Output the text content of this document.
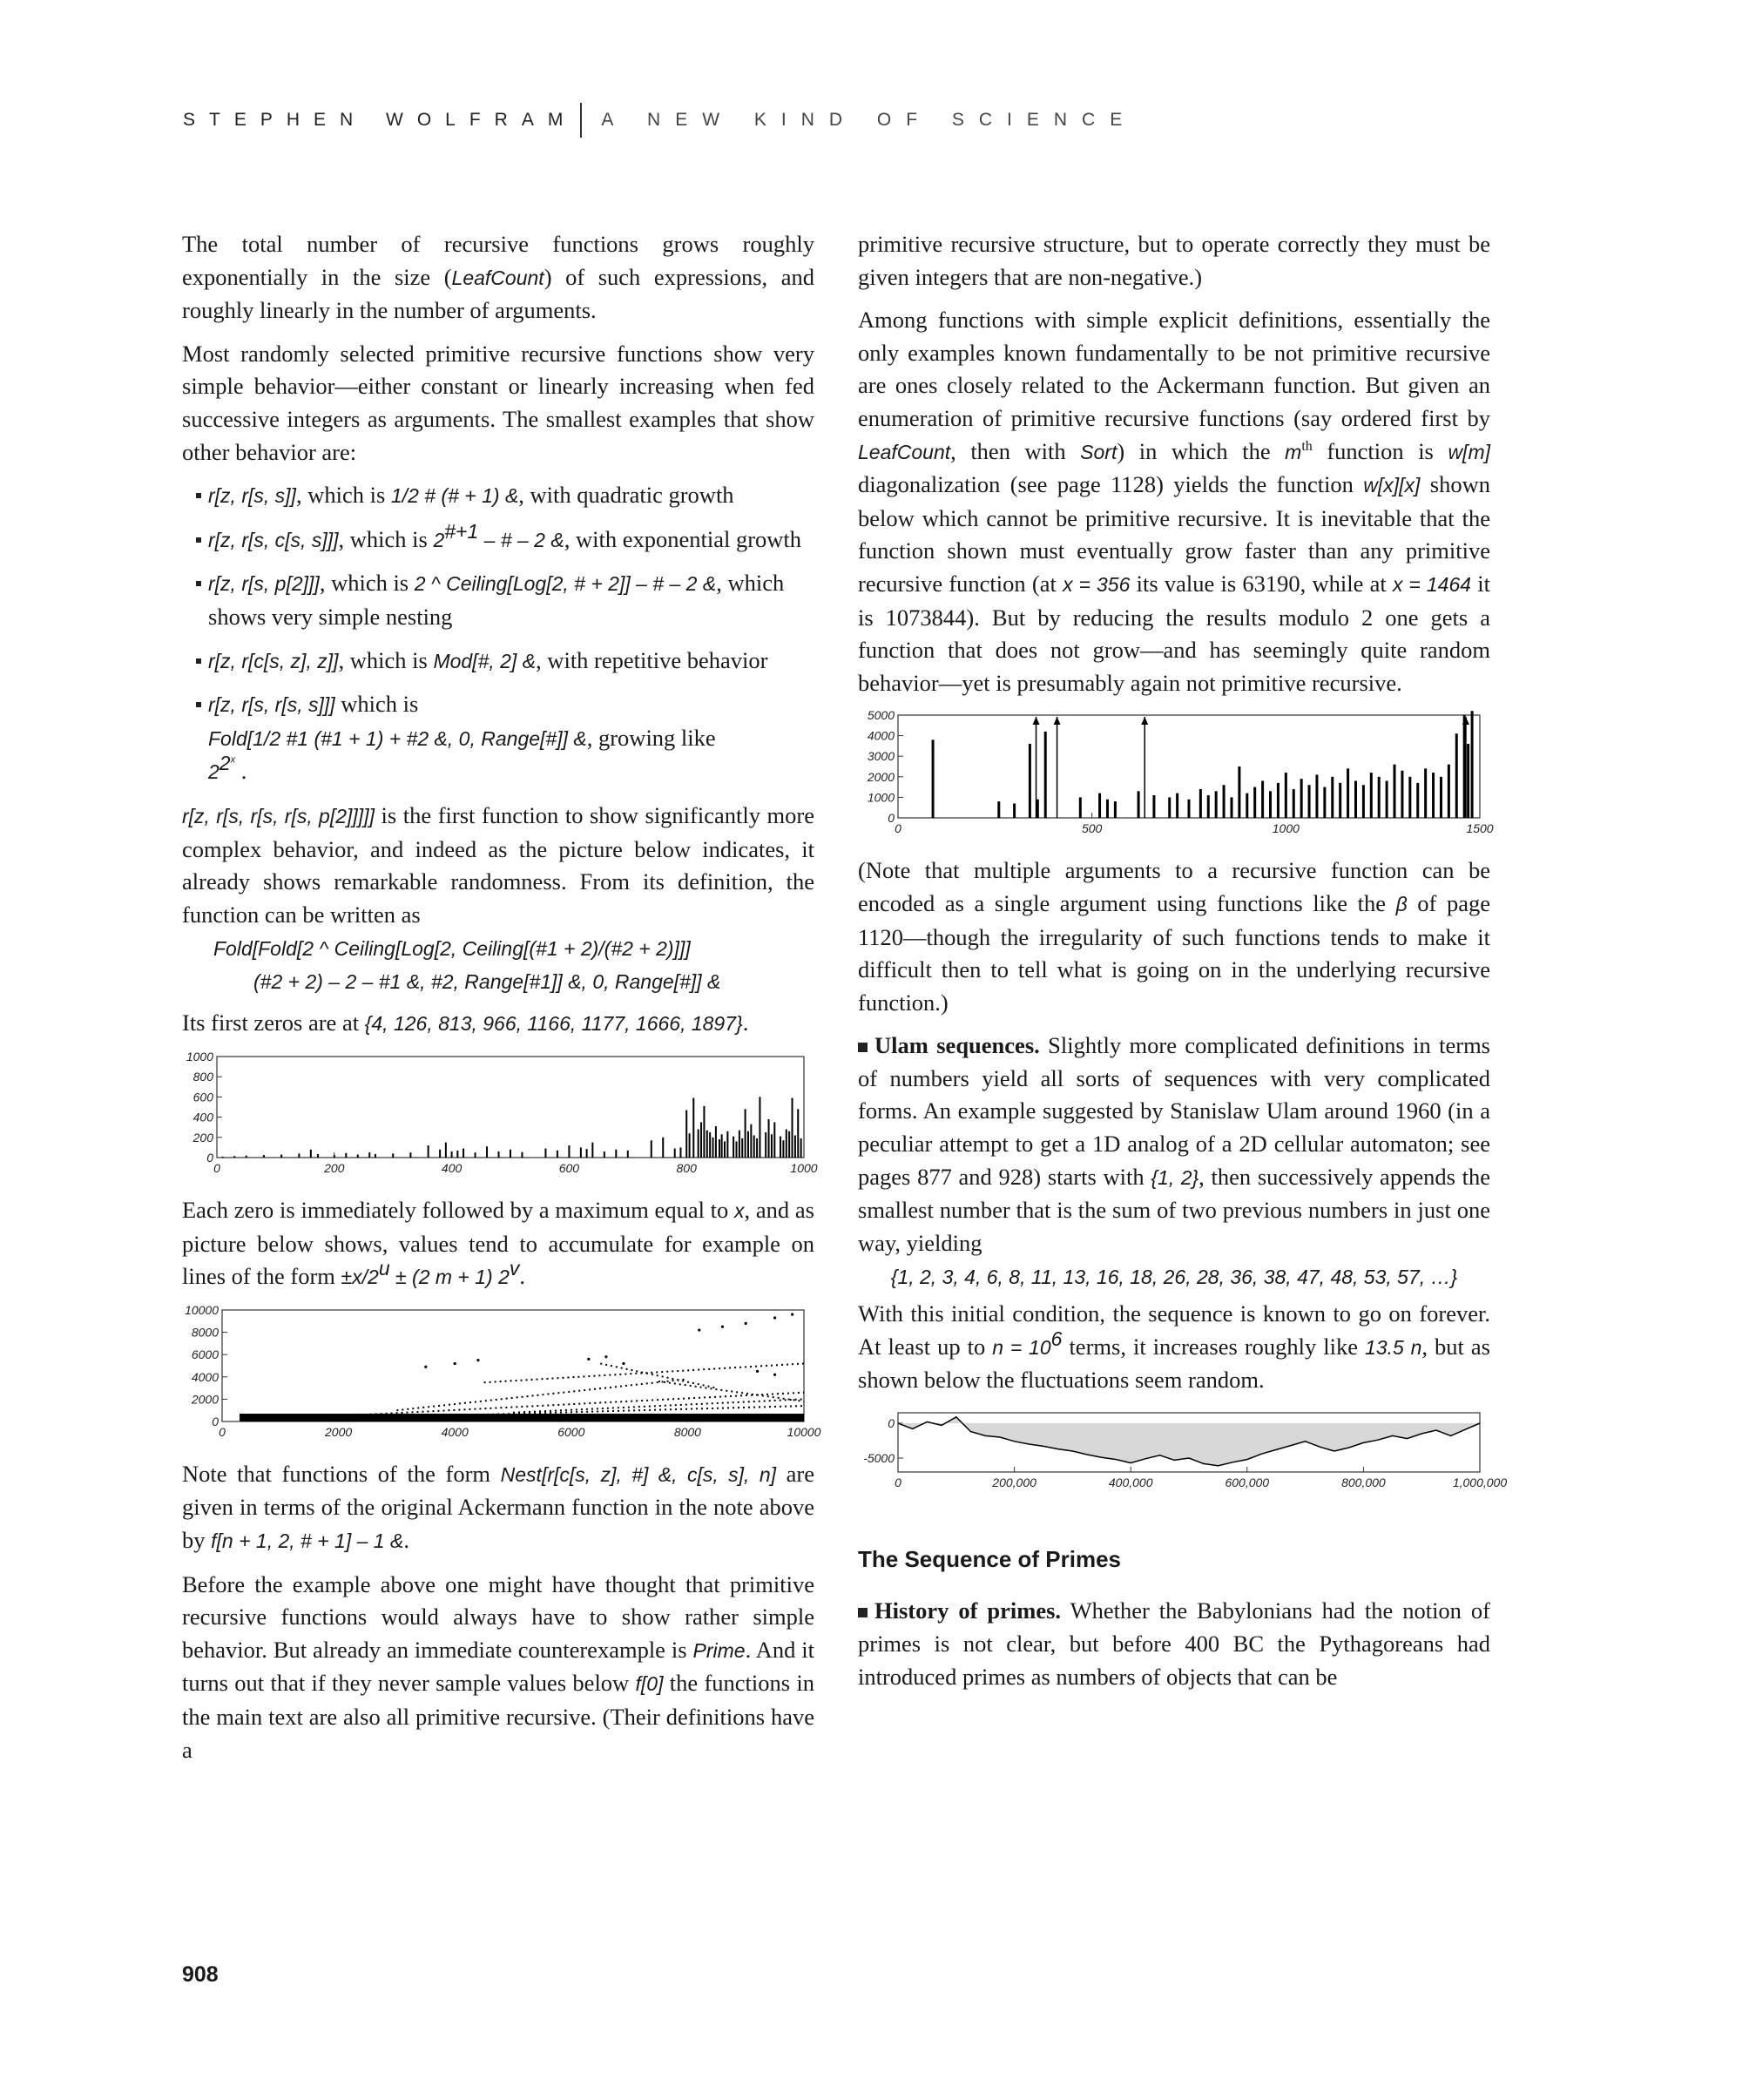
STEPHEN WOLFRAM A NEW KIND OF SCIENCE

The total number of recursive functions grows roughly exponentially in the size (LeafCount) of such expressions, and roughly linearly in the number of arguments.

Most randomly selected primitive recursive functions show very simple behavior—either constant or linearly increasing when fed successive integers as arguments. The smallest examples that show other behavior are:

r[z, r[s, s]], which is 1/2 # (# + 1) &, with quadratic growth
r[z, r[s, c[s, s]]], which is $2^{\#+1}$ – # – 2 &, with exponential growth
r[z, r[s, p[2]]], which is 2 ^ Ceiling[Log[2, # + 2]] – # – 2 &, which shows very simple nesting
r[z, r[c[s, z], z]], which is Mod[#, 2] &, with repetitive behavior
r[z, r[s, r[s, s]]] which is
Fold[1/2 #1 (#1 + 1) + #2 &, 0, Range[#]] &, growing like
$2^{2^x}$ .

r[z, r[s, r[s, r[s, p[2]]]]] is the first function to show significantly more complex behavior, and indeed as the picture below indicates, it already shows remarkable randomness. From its definition, the function can be written as

Fold[Fold[2 ^ Ceiling[Log[2, Ceiling[(#1 + 2)/(#2 + 2)]]]
(#2 + 2) – 2 – #1 &, #2, Range[#1]] &, 0, Range[#]] &

Its first zeros are at {4, 126, 813, 966, 1166, 1177, 1666, 1897}.

0
200
400
600
800
1000
0	200	400	600	800	1000

Each zero is immediately followed by a maximum equal to x, and as picture below shows, values tend to accumulate for example on lines of the form $\pm x/2^u \pm (2$ m + 1) 2$^v$.

0
2000
4000
6000
8000
10000
0	2000	4000	6000	8000	10000

Note that functions of the form Nest[r[c[s, z], #] &, c[s, s], n] are given in terms of the original Ackermann function in the note above by f[n + 1, 2, # + 1] – 1 &.

Before the example above one might have thought that primitive recursive functions would always have to show rather simple behavior. But already an immediate counterexample is Prime. And it turns out that if they never sample values below f[0] the functions in the main text are also all primitive recursive. (Their definitions have a

primitive recursive structure, but to operate correctly they must be given integers that are non-negative.)

Among functions with simple explicit definitions, essentially the only examples known fundamentally to be not primitive recursive are ones closely related to the Ackermann function. But given an enumeration of primitive recursive functions (say ordered first by LeafCount, then with Sort) in which the $m^{th}$ function is w[m] diagonalization (see page 1128) yields the function w[x][x] shown below which cannot be primitive recursive. It is inevitable that the function shown must eventually grow faster than any primitive recursive function (at x = 356 its value is 63190, while at x = 1464 it is 1073844). But by reducing the results modulo 2 one gets a function that does not grow—and has seemingly quite random behavior—yet is presumably again not primitive recursive.

0
1000
2000
3000
4000
5000
0	500	1000	1500

(Note that multiple arguments to a recursive function can be encoded as a single argument using functions like the β of page 1120—though the irregularity of such functions tends to make it difficult then to tell what is going on in the underlying recursive function.)

Ulam sequences. Slightly more complicated definitions in terms of numbers yield all sorts of sequences with very complicated forms. An example suggested by Stanislaw Ulam around 1960 (in a peculiar attempt to get a 1D analog of a 2D cellular automaton; see pages 877 and 928) starts with {1, 2}, then successively appends the smallest number that is the sum of two previous numbers in just one way, yielding

{1, 2, 3, 4, 6, 8, 11, 13, 16, 18, 26, 28, 36, 38, 47, 48, 53, 57, …}

With this initial condition, the sequence is known to go on forever. At least up to $n = 10^6$ terms, it increases roughly like 13.5 n, but as shown below the fluctuations seem random.

0
-5000
0	200,000	400,000	600,000	800,000	1,000,000
The Sequence of Primes

History of primes. Whether the Babylonians had the notion of primes is not clear, but before 400 BC the Pythagoreans had introduced primes as numbers of objects that can be

908
